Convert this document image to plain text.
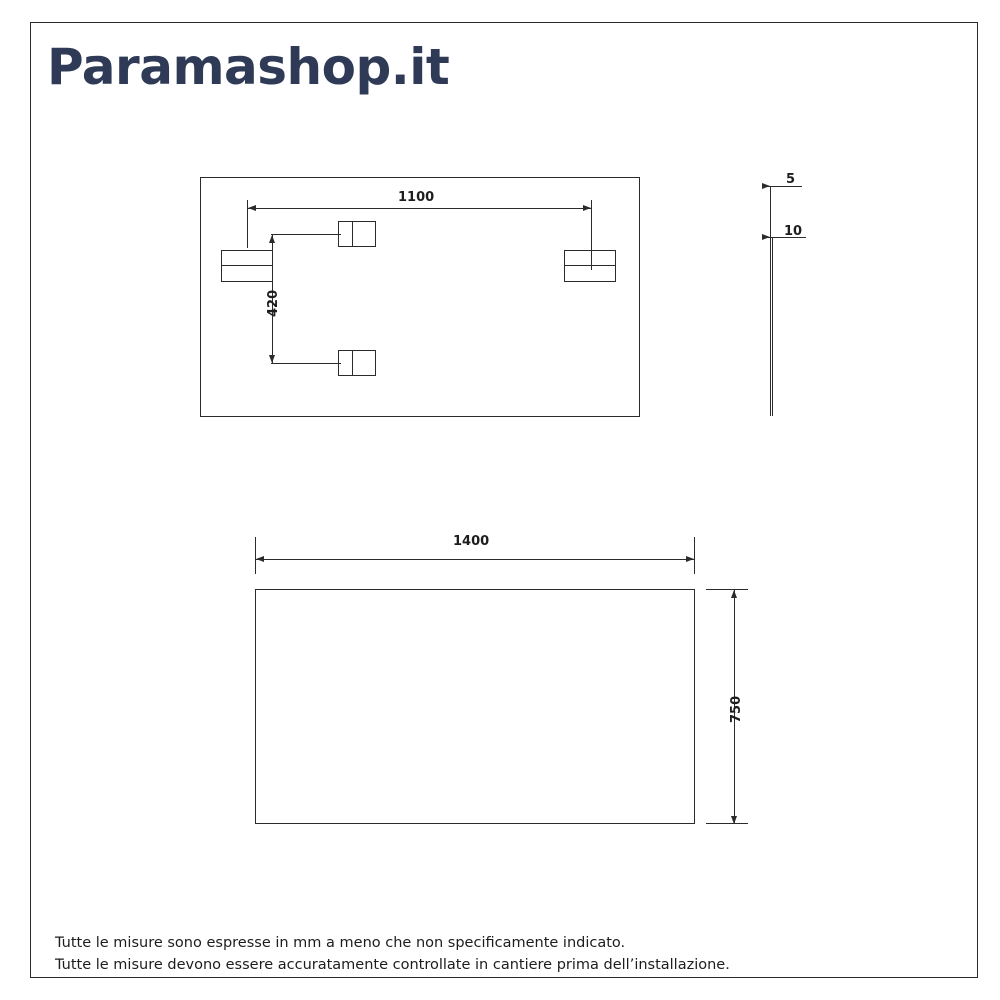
Paramashop.it
1100
420
5
10
1400
750
Tutte le misure sono espresse in mm a meno che non specificamente indicato.
Tutte le misure devono essere accuratamente controllate in cantiere prima dell’installazione.
